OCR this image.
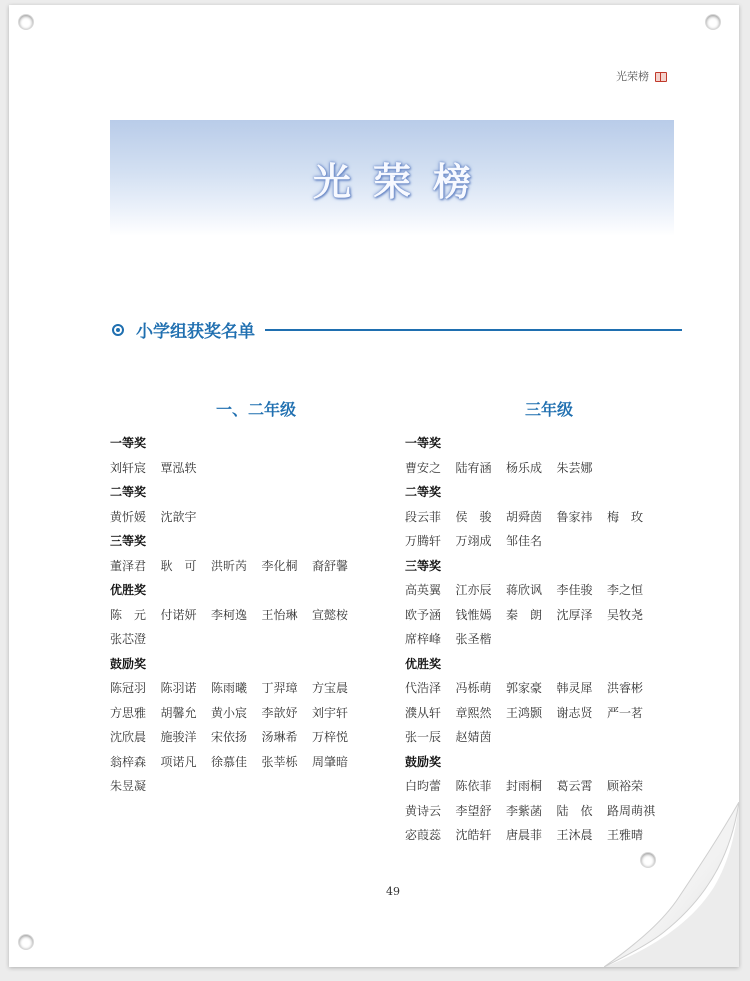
光荣榜
光荣榜
小学组获奖名单
一、二年级
一等奖
刘轩宸	覃泓轶
二等奖
黄忻媛	沈歆宇
三等奖
董泽君	耿　可	洪昕芮	李化桐	裔舒馨
优胜奖
陈　元	付诺妍	李柯逸	王怡琳	宣懿桉
张芯澄
鼓励奖
陈冠羽	陈羽诺	陈雨曦	丁羿璋	方宝晨
方思雅	胡馨允	黄小宸	李歆妤	刘宇轩
沈欣晨	施骏洋	宋依扬	汤琳希	万梓悦
翁梓森	项诺凡	徐慕佳	张莘栎	周肇暗
朱昱凝
三年级
一等奖
曹安之	陆宥涵	杨乐成	朱芸娜
二等奖
段云菲	侯　骏	胡舜茵	鲁家祎	梅　玫
万腾轩	万翊成	邹佳名
三等奖
高英翼	江亦辰	蒋欣讽	李佳骏	李之恒
欧予涵	钱惟嫣	秦　朗	沈厚泽	吴牧尧
席梓峰	张圣楷
优胜奖
代浩泽	冯栎萌	郭家豪	韩灵犀	洪睿彬
濮从轩	章熙然	王鸿颢	谢志贤	严一茗
张一辰	赵婧茵
鼓励奖
白昀蕾	陈依菲	封雨桐	葛云霄	顾裕荣
黄诗云	李望舒	李紫菡	陆　依	路周萌祺
宓葭蕊	沈皓轩	唐晨菲	王沐晨	王雅晴
49
